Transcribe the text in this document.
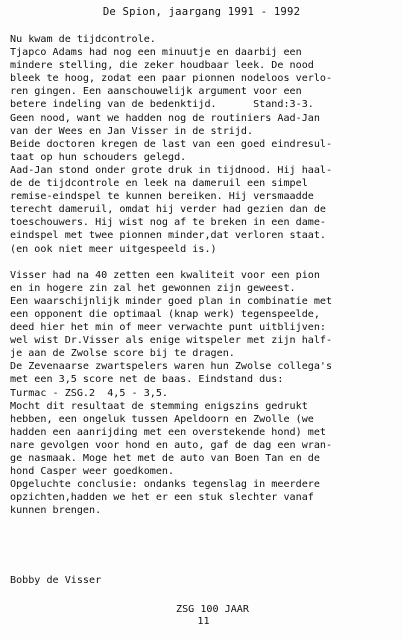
De Spion, jaargang 1991 - 1992
Nu kwam de tijdcontrole.
Tjapco Adams had nog een minuutje en daarbij een
mindere stelling, die zeker houdbaar leek. De nood
bleek te hoog, zodat een paar pionnen nodeloos verlo-
ren gingen. Een aanschouwelijk argument voor een
betere indeling van de bedenktijd.      Stand:3-3.
Geen nood, want we hadden nog de routiniers Aad-Jan
van der Wees en Jan Visser in de strijd.
Beide doctoren kregen de last van een goed eindresul-
taat op hun schouders gelegd.
Aad-Jan stond onder grote druk in tijdnood. Hij haal-
de de tijdcontrole en leek na dameruil een simpel
remise-eindspel te kunnen bereiken. Hij versmaadde
terecht dameruil, omdat hij verder had gezien dan de
toeschouwers. Hij wist nog af te breken in een dame-
eindspel met twee pionnen minder,dat verloren staat.
(en ook niet meer uitgespeeld is.)
Visser had na 40 zetten een kwaliteit voor een pion
en in hogere zin zal het gewonnen zijn geweest.
Een waarschijnlijk minder goed plan in combinatie met
een opponent die optimaal (knap werk) tegenspeelde,
deed hier het min of meer verwachte punt uitblijven:
wel wist Dr.Visser als enige witspeler met zijn half-
je aan de Zwolse score bij te dragen.
De Zevenaarse zwartspelers waren hun Zwolse collega's
met een 3,5 score net de baas. Eindstand dus:
Turmac - ZSG.2  4,5 - 3,5.
Mocht dit resultaat de stemming enigszins gedrukt
hebben, een ongeluk tussen Apeldoorn en Zwolle (we
hadden een aanrijding met een overstekende hond) met
nare gevolgen voor hond en auto, gaf de dag een wran-
ge nasmaak. Moge het met de auto van Boen Tan en de
hond Casper weer goedkomen.
Opgeluchte conclusie: ondanks tegenslag in meerdere
opzichten,hadden we het er een stuk slechter vanaf
kunnen brengen.
Bobby de Visser
ZSG 100 JAAR
11
